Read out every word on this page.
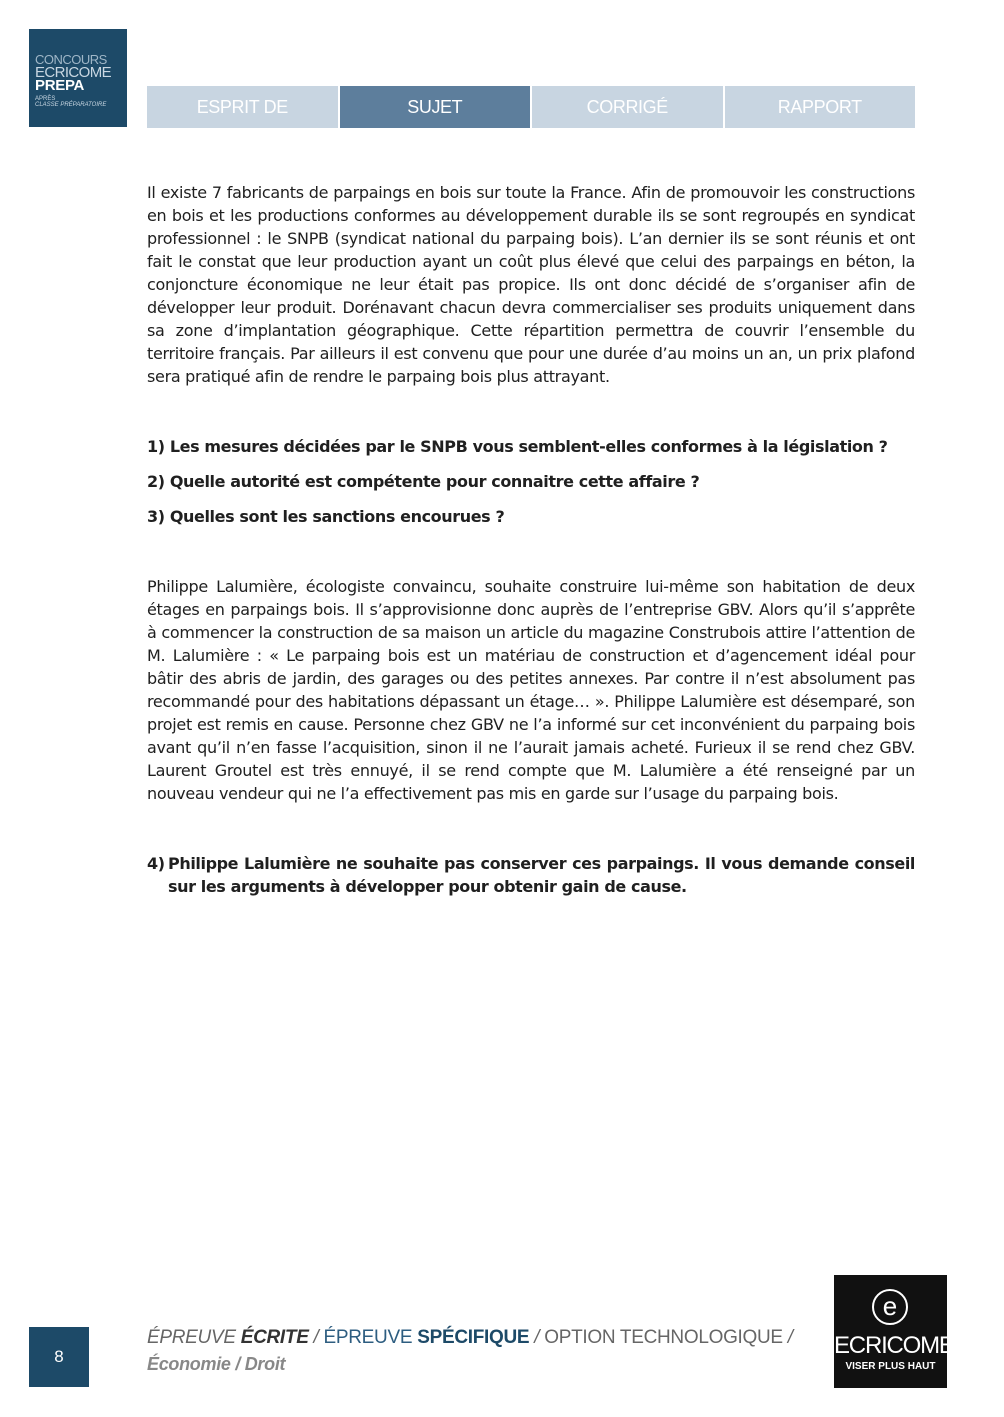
CONCOURS
ECRICOME
PREPA
APRÈS
CLASSE PRÉPARATOIRE	ESPRIT DE L’ÉPREUVE
SUJET	CORRIGÉ	RAPPORT

Il existe 7 fabricants de parpaings en bois sur toute la France. Afin de promouvoir les constructions en bois et les productions conformes au développement durable ils se sont regroupés en syndicat professionnel : le SNPB (syndicat national du parpaing bois). L’an dernier ils se sont réunis et ont fait le constat que leur production ayant un coût plus élevé que celui des parpaings en béton, la conjoncture économique ne leur était pas propice. Ils ont donc décidé de s’organiser afin de développer leur produit. Dorénavant chacun devra commercialiser ses produits uniquement dans sa zone d’implantation géographique. Cette répartition permettra de couvrir l’ensemble du territoire français. Par ailleurs il est convenu que pour une durée d’au moins un an, un prix plafond sera pratiqué afin de rendre le parpaing bois plus attrayant.

1) Les mesures décidées par le SNPB vous semblent-elles conformes à la législation ?

2) Quelle autorité est compétente pour connaitre cette affaire ?

3) Quelles sont les sanctions encourues ?

Philippe Lalumière, écologiste convaincu, souhaite construire lui-même son habitation de deux étages en parpaings bois. Il s’approvisionne donc auprès de l’entreprise GBV. Alors qu’il s’apprête à commencer la construction de sa maison un article du magazine Construbois attire l’attention de M. Lalumière : « Le parpaing bois est un matériau de construction et d’agencement idéal pour bâtir des abris de jardin, des garages ou des petites annexes. Par contre il n’est absolument pas recommandé pour des habitations dépassant un étage… ». Philippe Lalumière est désemparé, son projet est remis en cause. Personne chez GBV ne l’a informé sur cet inconvénient du parpaing bois avant qu’il n’en fasse l’acquisition, sinon il ne l’aurait jamais acheté. Furieux il se rend chez GBV. Laurent Groutel est très ennuyé, il se rend compte que M. Lalumière a été renseigné par un nouveau vendeur qui ne l’a effectivement pas mis en garde sur l’usage du parpaing bois.

4) Philippe Lalumière ne souhaite pas conserver ces parpaings. Il vous demande conseil sur les arguments à développer pour obtenir gain de cause.
8
ÉPREUVE ÉCRITE / ÉPREUVE SPÉCIFIQUE / OPTION TECHNOLOGIQUE /
Économie / Droit
e
ECRICOME
VISER PLUS HAUT
